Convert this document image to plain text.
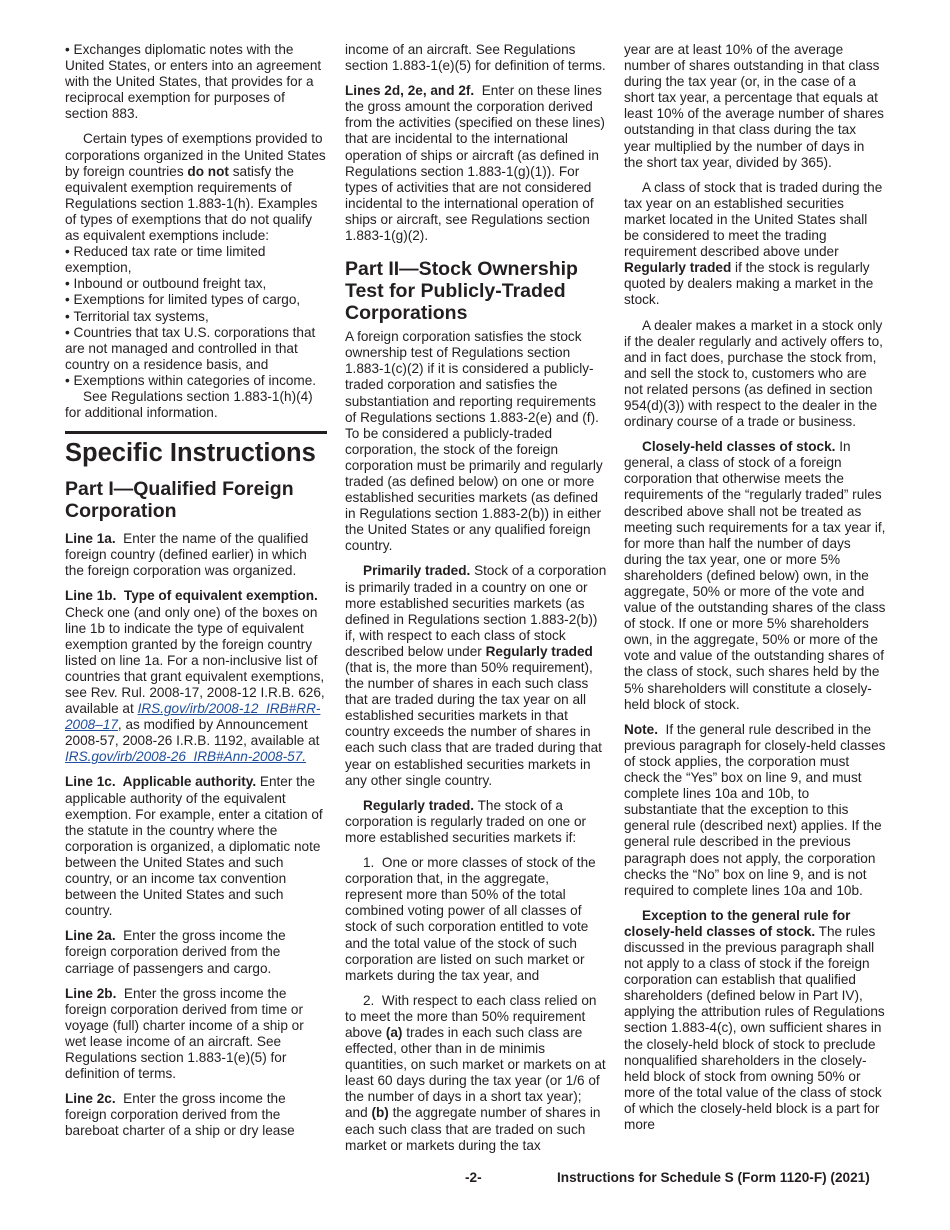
• Exchanges diplomatic notes with the United States, or enters into an agreement with the United States, that provides for a reciprocal exemption for purposes of section 883.

Certain types of exemptions provided to corporations organized in the United States by foreign countries do not satisfy the equivalent exemption requirements of Regulations section 1.883-1(h). Examples of types of exemptions that do not qualify as equivalent exemptions include:

• Reduced tax rate or time limited exemption,

• Inbound or outbound freight tax,

• Exemptions for limited types of cargo,

• Territorial tax systems,

• Countries that tax U.S. corporations that are not managed and controlled in that country on a residence basis, and

• Exemptions within categories of income.

See Regulations section 1.883-1(h)(4) for additional information.

Specific Instructions
Part I—Qualified Foreign Corporation

Line 1a.  Enter the name of the qualified foreign country (defined earlier) in which the foreign corporation was organized.

Line 1b.  Type of equivalent exemption. Check one (and only one) of the boxes on line 1b to indicate the type of equivalent exemption granted by the foreign country listed on line 1a. For a non-inclusive list of countries that grant equivalent exemptions, see Rev. Rul. 2008-17, 2008-12 I.R.B. 626, available at IRS.gov/irb/2008-12_IRB#RR-2008–17, as modified by Announcement 2008-57, 2008-26 I.R.B. 1192, available at IRS.gov/irb/2008-26_IRB#Ann-2008-57.

Line 1c.  Applicable authority. Enter the applicable authority of the equivalent exemption. For example, enter a citation of the statute in the country where the corporation is organized, a diplomatic note between the United States and such country, or an income tax convention between the United States and such country.

Line 2a.  Enter the gross income the foreign corporation derived from the carriage of passengers and cargo.

Line 2b.  Enter the gross income the foreign corporation derived from time or voyage (full) charter income of a ship or wet lease income of an aircraft. See Regulations section 1.883-1(e)(5) for definition of terms.

Line 2c.  Enter the gross income the foreign corporation derived from the bareboat charter of a ship or dry lease

income of an aircraft. See Regulations section 1.883-1(e)(5) for definition of terms.

Lines 2d, 2e, and 2f.  Enter on these lines the gross amount the corporation derived from the activities (specified on these lines) that are incidental to the international operation of ships or aircraft (as defined in Regulations section 1.883-1(g)(1)). For types of activities that are not considered incidental to the international operation of ships or aircraft, see Regulations section 1.883-1(g)(2).

Part II—Stock Ownership Test for Publicly-Traded Corporations

A foreign corporation satisfies the stock ownership test of Regulations section 1.883-1(c)(2) if it is considered a publicly-traded corporation and satisfies the substantiation and reporting requirements of Regulations sections 1.883-2(e) and (f). To be considered a publicly-traded corporation, the stock of the foreign corporation must be primarily and regularly traded (as defined below) on one or more established securities markets (as defined in Regulations section 1.883-2(b)) in either the United States or any qualified foreign country.

Primarily traded. Stock of a corporation is primarily traded in a country on one or more established securities markets (as defined in Regulations section 1.883-2(b)) if, with respect to each class of stock described below under Regularly traded (that is, the more than 50% requirement), the number of shares in each such class that are traded during the tax year on all established securities markets in that country exceeds the number of shares in each such class that are traded during that year on established securities markets in any other single country.

Regularly traded. The stock of a corporation is regularly traded on one or more established securities markets if:

1.  One or more classes of stock of the corporation that, in the aggregate, represent more than 50% of the total combined voting power of all classes of stock of such corporation entitled to vote and the total value of the stock of such corporation are listed on such market or markets during the tax year, and

2.  With respect to each class relied on to meet the more than 50% requirement above (a) trades in each such class are effected, other than in de minimis quantities, on such market or markets on at least 60 days during the tax year (or 1/6 of the number of days in a short tax year); and (b) the aggregate number of shares in each such class that are traded on such market or markets during the tax

year are at least 10% of the average number of shares outstanding in that class during the tax year (or, in the case of a short tax year, a percentage that equals at least 10% of the average number of shares outstanding in that class during the tax year multiplied by the number of days in the short tax year, divided by 365).

A class of stock that is traded during the tax year on an established securities market located in the United States shall be considered to meet the trading requirement described above under Regularly traded if the stock is regularly quoted by dealers making a market in the stock.

A dealer makes a market in a stock only if the dealer regularly and actively offers to, and in fact does, purchase the stock from, and sell the stock to, customers who are not related persons (as defined in section 954(d)(3)) with respect to the dealer in the ordinary course of a trade or business.

Closely-held classes of stock. In general, a class of stock of a foreign corporation that otherwise meets the requirements of the “regularly traded” rules described above shall not be treated as meeting such requirements for a tax year if, for more than half the number of days during the tax year, one or more 5% shareholders (defined below) own, in the aggregate, 50% or more of the vote and value of the outstanding shares of the class of stock. If one or more 5% shareholders own, in the aggregate, 50% or more of the vote and value of the outstanding shares of the class of stock, such shares held by the 5% shareholders will constitute a closely-held block of stock.

Note.  If the general rule described in the previous paragraph for closely-held classes of stock applies, the corporation must check the “Yes” box on line 9, and must complete lines 10a and 10b, to substantiate that the exception to this general rule (described next) applies. If the general rule described in the previous paragraph does not apply, the corporation checks the “No” box on line 9, and is not required to complete lines 10a and 10b.

Exception to the general rule for closely-held classes of stock. The rules discussed in the previous paragraph shall not apply to a class of stock if the foreign corporation can establish that qualified shareholders (defined below in Part IV), applying the attribution rules of Regulations section 1.883-4(c), own sufficient shares in the closely-held block of stock to preclude nonqualified shareholders in the closely-held block of stock from owning 50% or more of the total value of the class of stock of which the closely-held block is a part for more

-2-	Instructions for Schedule S (Form 1120-F) (2021)
